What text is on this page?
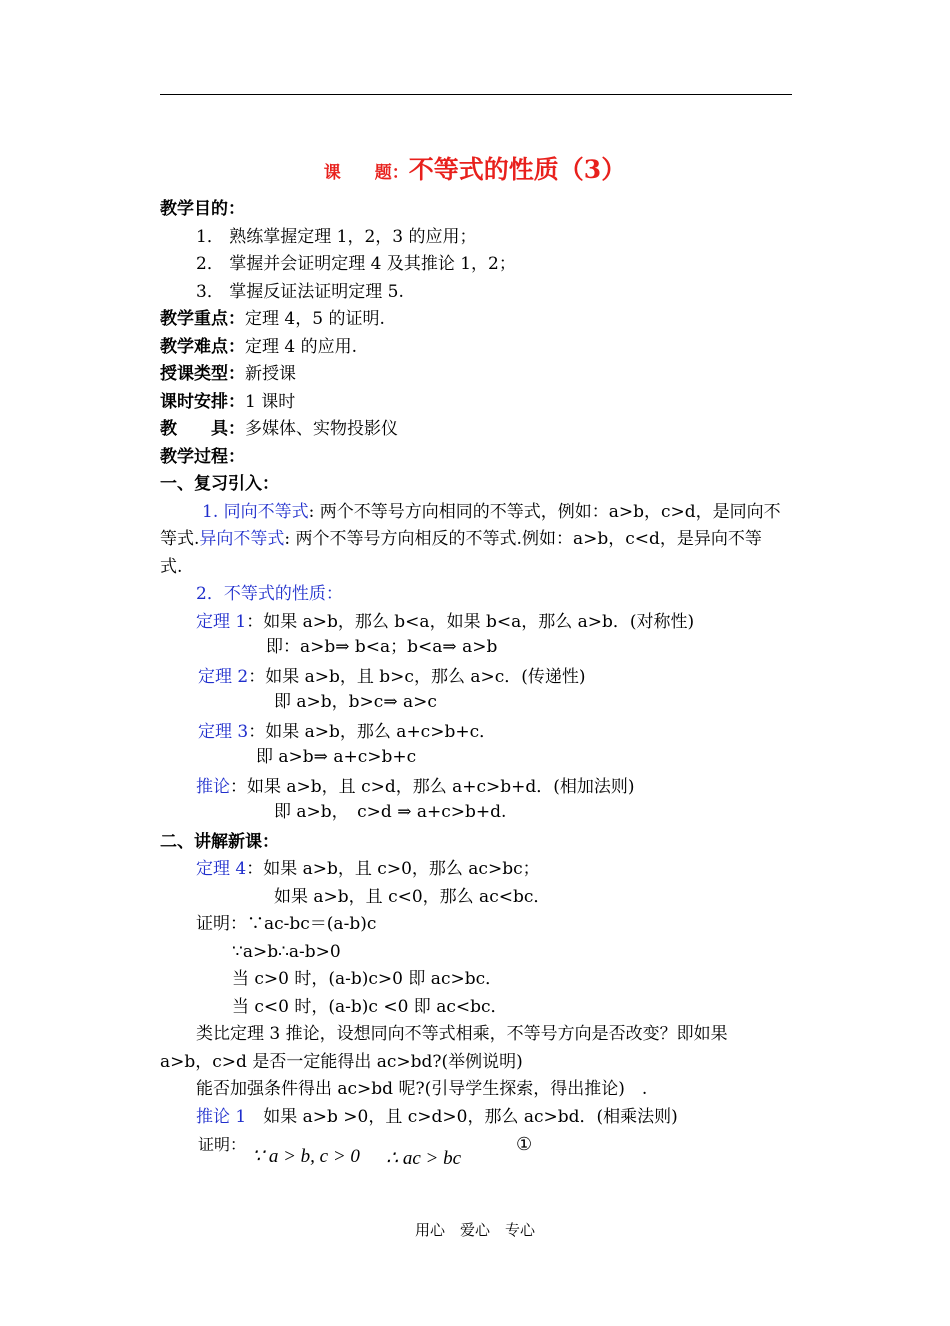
课　　题：不等式的性质（3）
教学目的：
1． 熟练掌握定理 1，2，3 的应用；
2． 掌握并会证明定理 4 及其推论 1，2；
3． 掌握反证法证明定理 5.
教学重点：定理 4，5 的证明.
教学难点：定理 4 的应用.
授课类型：新授课
课时安排：1 课时
教　　具：多媒体、实物投影仪
教学过程：
一、复习引入：
1. 同向不等式: 两个不等号方向相同的不等式，例如：a>b，c>d，是同向不
等式.异向不等式: 两个不等号方向相反的不等式.例如：a>b，c<d，是异向不等
式.
2．不等式的性质：
定理 1：如果 a>b，那么 b<a，如果 b<a，那么 a>b．(对称性)
即：a>b⇒ b<a；b<a⇒ a>b
定理 2：如果 a>b，且 b>c，那么 a>c．(传递性)
即 a>b，b>c⇒ a>c
定理 3：如果 a>b，那么 a+c>b+c．
即 a>b⇒ a+c>b+c
推论：如果 a>b，且 c>d，那么 a+c>b+d．(相加法则)
即 a>b，　c>d ⇒ a+c>b+d.
二、讲解新课：
定理 4：如果 a>b，且 c>0，那么 ac>bc；
如果 a>b，且 c<0，那么 ac<bc．
证明：∵ac-bc＝(a-b)c
∵a>b∴a-b>0
当 c>0 时，(a-b)c>0 即 ac>bc．
当 c<0 时，(a-b)c <0 即 ac<bc．
类比定理 3 推论，设想同向不等式相乘，不等号方向是否改变？即如果
a>b，c>d 是否一定能得出 ac>bd?(举例说明)
能否加强条件得出 ac>bd 呢?(引导学生探索，得出推论)　.
推论 1　如果 a>b >0，且 c>d>0，那么 ac>bd．(相乘法则)
证明：
∵ a > b, c > 0 ∴ ac > bc
①
用心　爱心　专心
